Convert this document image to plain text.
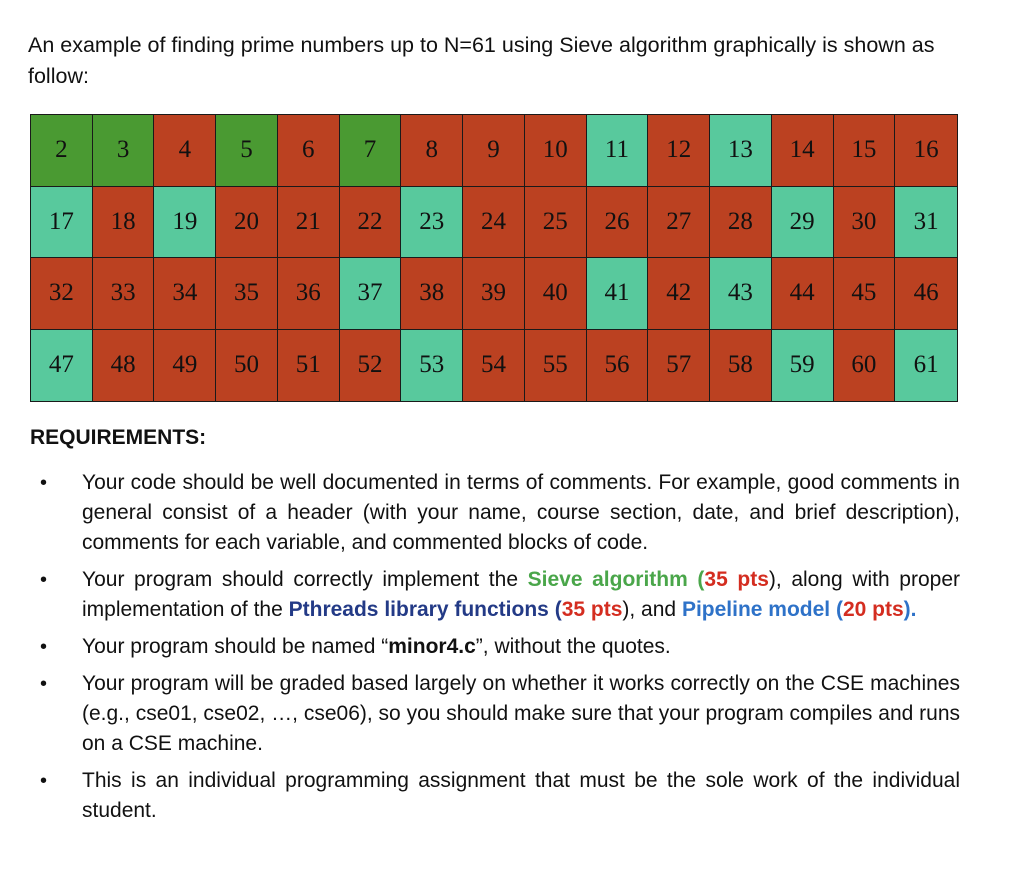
An example of finding prime numbers up to N=61 using Sieve algorithm graphically is shown as follow:

2	3	4	5	6	7	8	9	10	11	12	13	14	15	16
17	18	19	20	21	22	23	24	25	26	27	28	29	30	31
32	33	34	35	36	37	38	39	40	41	42	43	44	45	46
47	48	49	50	51	52	53	54	55	56	57	58	59	60	61
REQUIREMENTS:
• Your code should be well documented in terms of comments. For example, good comments in general consist of a header (with your name, course section, date, and brief description), comments for each variable, and commented blocks of code.
• Your program should correctly implement the Sieve algorithm (35 pts), along with proper implementation of the Pthreads library functions (35 pts), and Pipeline model (20 pts).
• Your program should be named “minor4.c”, without the quotes.
• Your program will be graded based largely on whether it works correctly on the CSE machines (e.g., cse01, cse02, …, cse06), so you should make sure that your program compiles and runs on a CSE machine.
• This is an individual programming assignment that must be the sole work of the individual student.
